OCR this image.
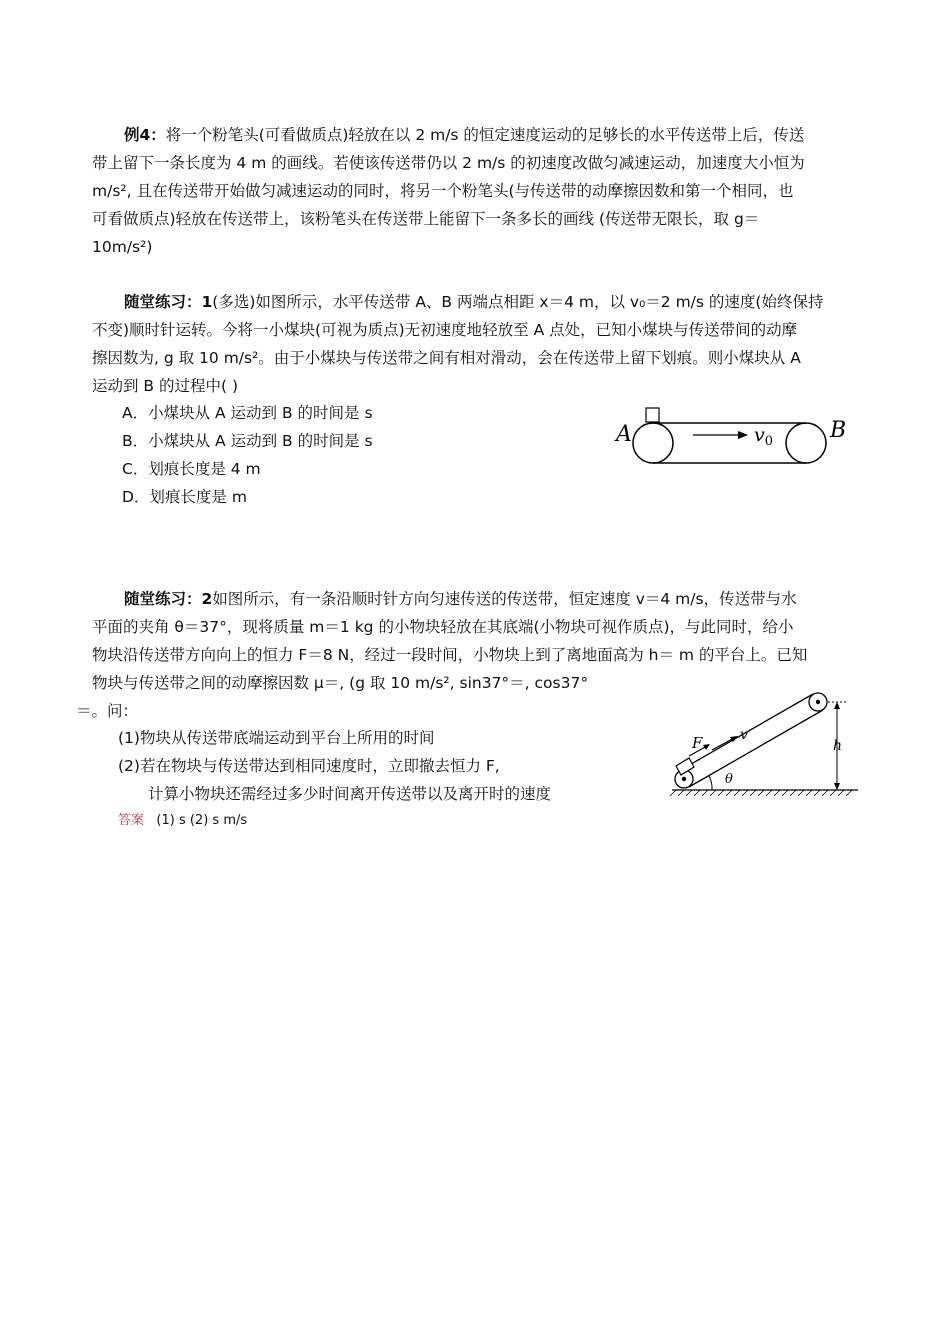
例4：将一个粉笔头(可看做质点)轻放在以 2 m/s 的恒定速度运动的足够长的水平传送带上后，传送
带上留下一条长度为 4 m 的画线。若使该传送带仍以 2 m/s 的初速度改做匀减速运动，加速度大小恒为
m/s², 且在传送带开始做匀减速运动的同时，将另一个粉笔头(与传送带的动摩擦因数和第一个相同，也
可看做质点)轻放在传送带上，该粉笔头在传送带上能留下一条多长的画线 (传送带无限长，取 g＝
10m/s²)
随堂练习：1(多选)如图所示，水平传送带 A、B 两端点相距 x＝4 m，以 v₀＝2 m/s 的速度(始终保持
不变)顺时针运转。今将一小煤块(可视为质点)无初速度地轻放至 A 点处，已知小煤块与传送带间的动摩
擦因数为, g 取 10 m/s²。由于小煤块与传送带之间有相对滑动，会在传送带上留下划痕。则小煤块从 A
运动到 B 的过程中( )
A．小煤块从 A 运动到 B 的时间是 s
B．小煤块从 A 运动到 B 的时间是 s
C．划痕长度是 4 m
D．划痕长度是 m
A	$v_0$	B
随堂练习：2如图所示，有一条沿顺时针方向匀速传送的传送带，恒定速度 v＝4 m/s，传送带与水
平面的夹角 θ＝37°，现将质量 m＝1 kg 的小物块轻放在其底端(小物块可视作质点)，与此同时，给小
物块沿传送带方向向上的恒力 F＝8 N，经过一段时间，小物块上到了离地面高为 h＝ m 的平台上。已知
物块与传送带之间的动摩擦因数 μ＝, (g 取 10 m/s², sin37°＝, cos37°
＝。问：
(1)物块从传送带底端运动到平台上所用的时间
(2)若在物块与传送带达到相同速度时，立即撤去恒力 F,
计算小物块还需经过多少时间离开传送带以及离开时的速度
答案 (1) s (2) s m/s
F	v
θ
h
